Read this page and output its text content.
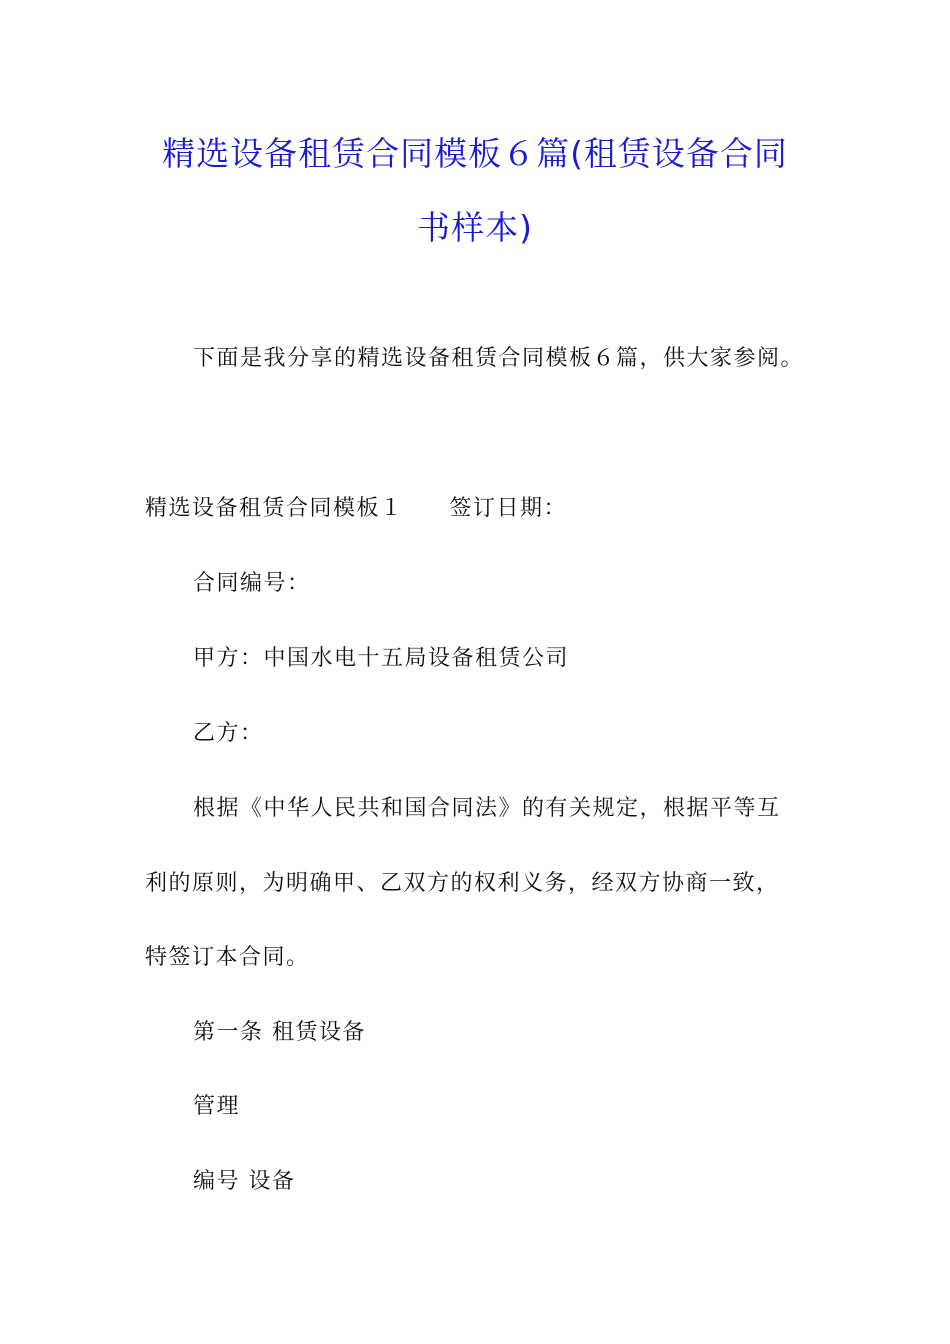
精选设备租赁合同模板６篇(租赁设备合同
书样本)

下面是我分享的精选设备租赁合同模板６篇，供大家参阅。

精选设备租赁合同模板１ 签订日期：

合同编号：

甲方：中国水电十五局设备租赁公司

乙方：

根据《中华人民共和国合同法》的有关规定，根据平等互

利的原则，为明确甲、乙双方的权利义务，经双方协商一致，

特签订本合同。

第一条 租赁设备

管理

编号 设备
